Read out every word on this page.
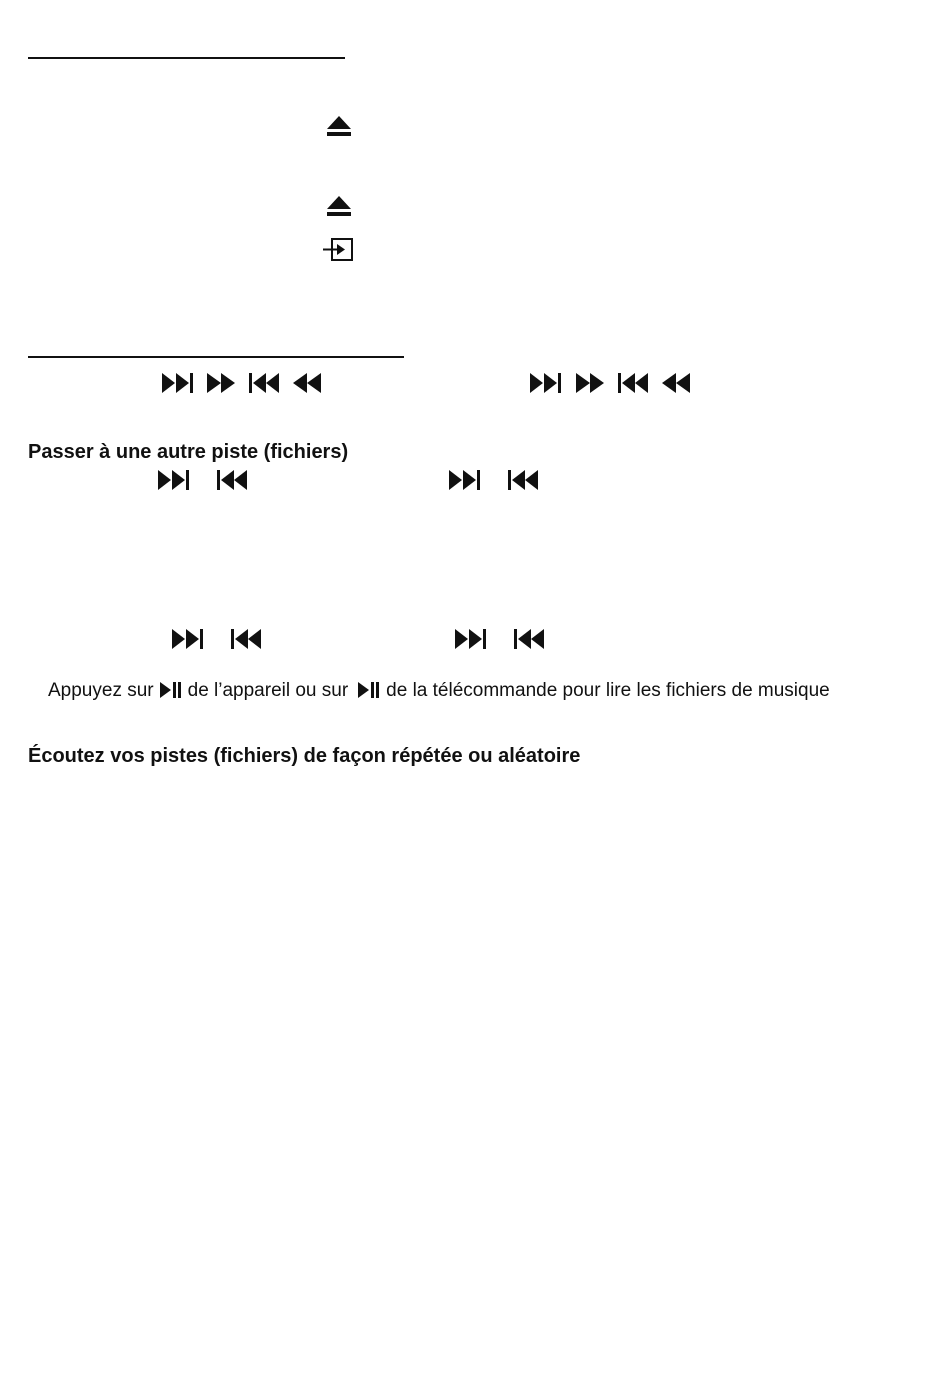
Passer à une autre piste (fichiers)
Appuyez sur de l’appareil ou sur de la télécommande pour lire les fichiers de musique
Écoutez vos pistes (fichiers) de façon répétée ou aléatoire
